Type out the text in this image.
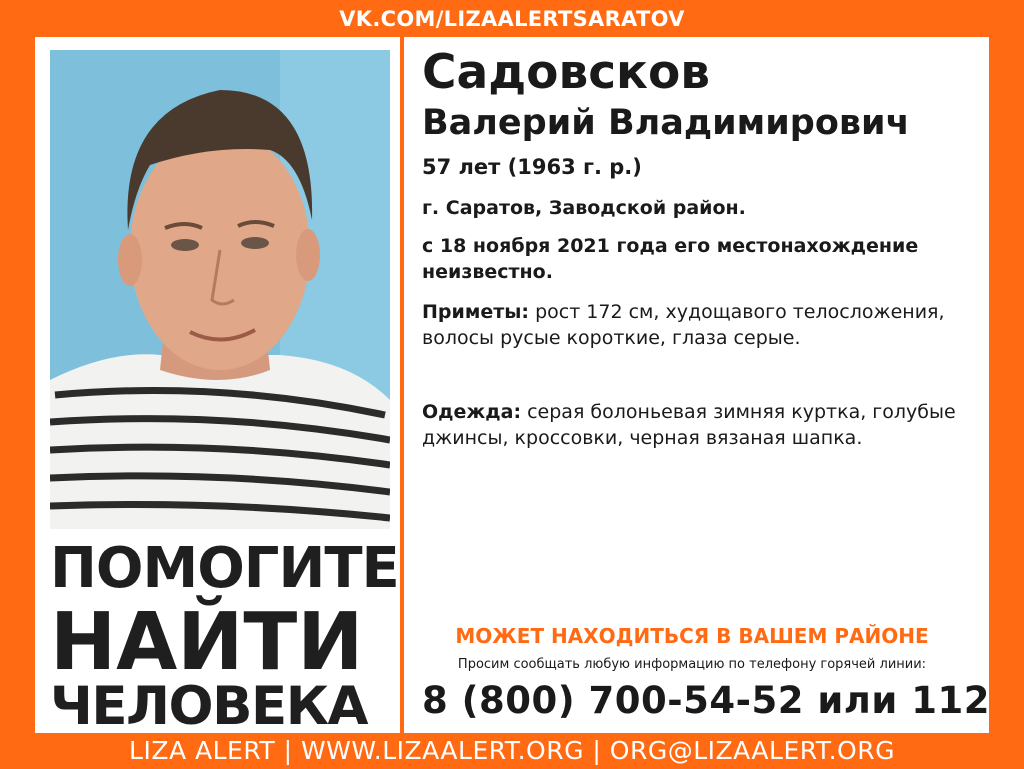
VK.COM/LIZAALERTSARATOV
ПОМОГИТЕ
НАЙТИ
ЧЕЛОВЕКА
Садовсков
Валерий Владимирович
57 лет (1963 г. р.)
г. Саратов, Заводской район.
с 18 ноября 2021 года его местонахождение неизвестно.
Приметы: рост 172 см, худощавого телосложения, волосы русые короткие, глаза серые.
Одежда: серая болоньевая зимняя куртка, голубые джинсы, кроссовки, черная вязаная шапка.
МОЖЕТ НАХОДИТЬСЯ В ВАШЕМ РАЙОНЕ
Просим сообщать любую информацию по телефону горячей линии:
8 (800) 700-54-52 или 112
LIZA ALERT | WWW.LIZAALERT.ORG | ORG@LIZAALERT.ORG
